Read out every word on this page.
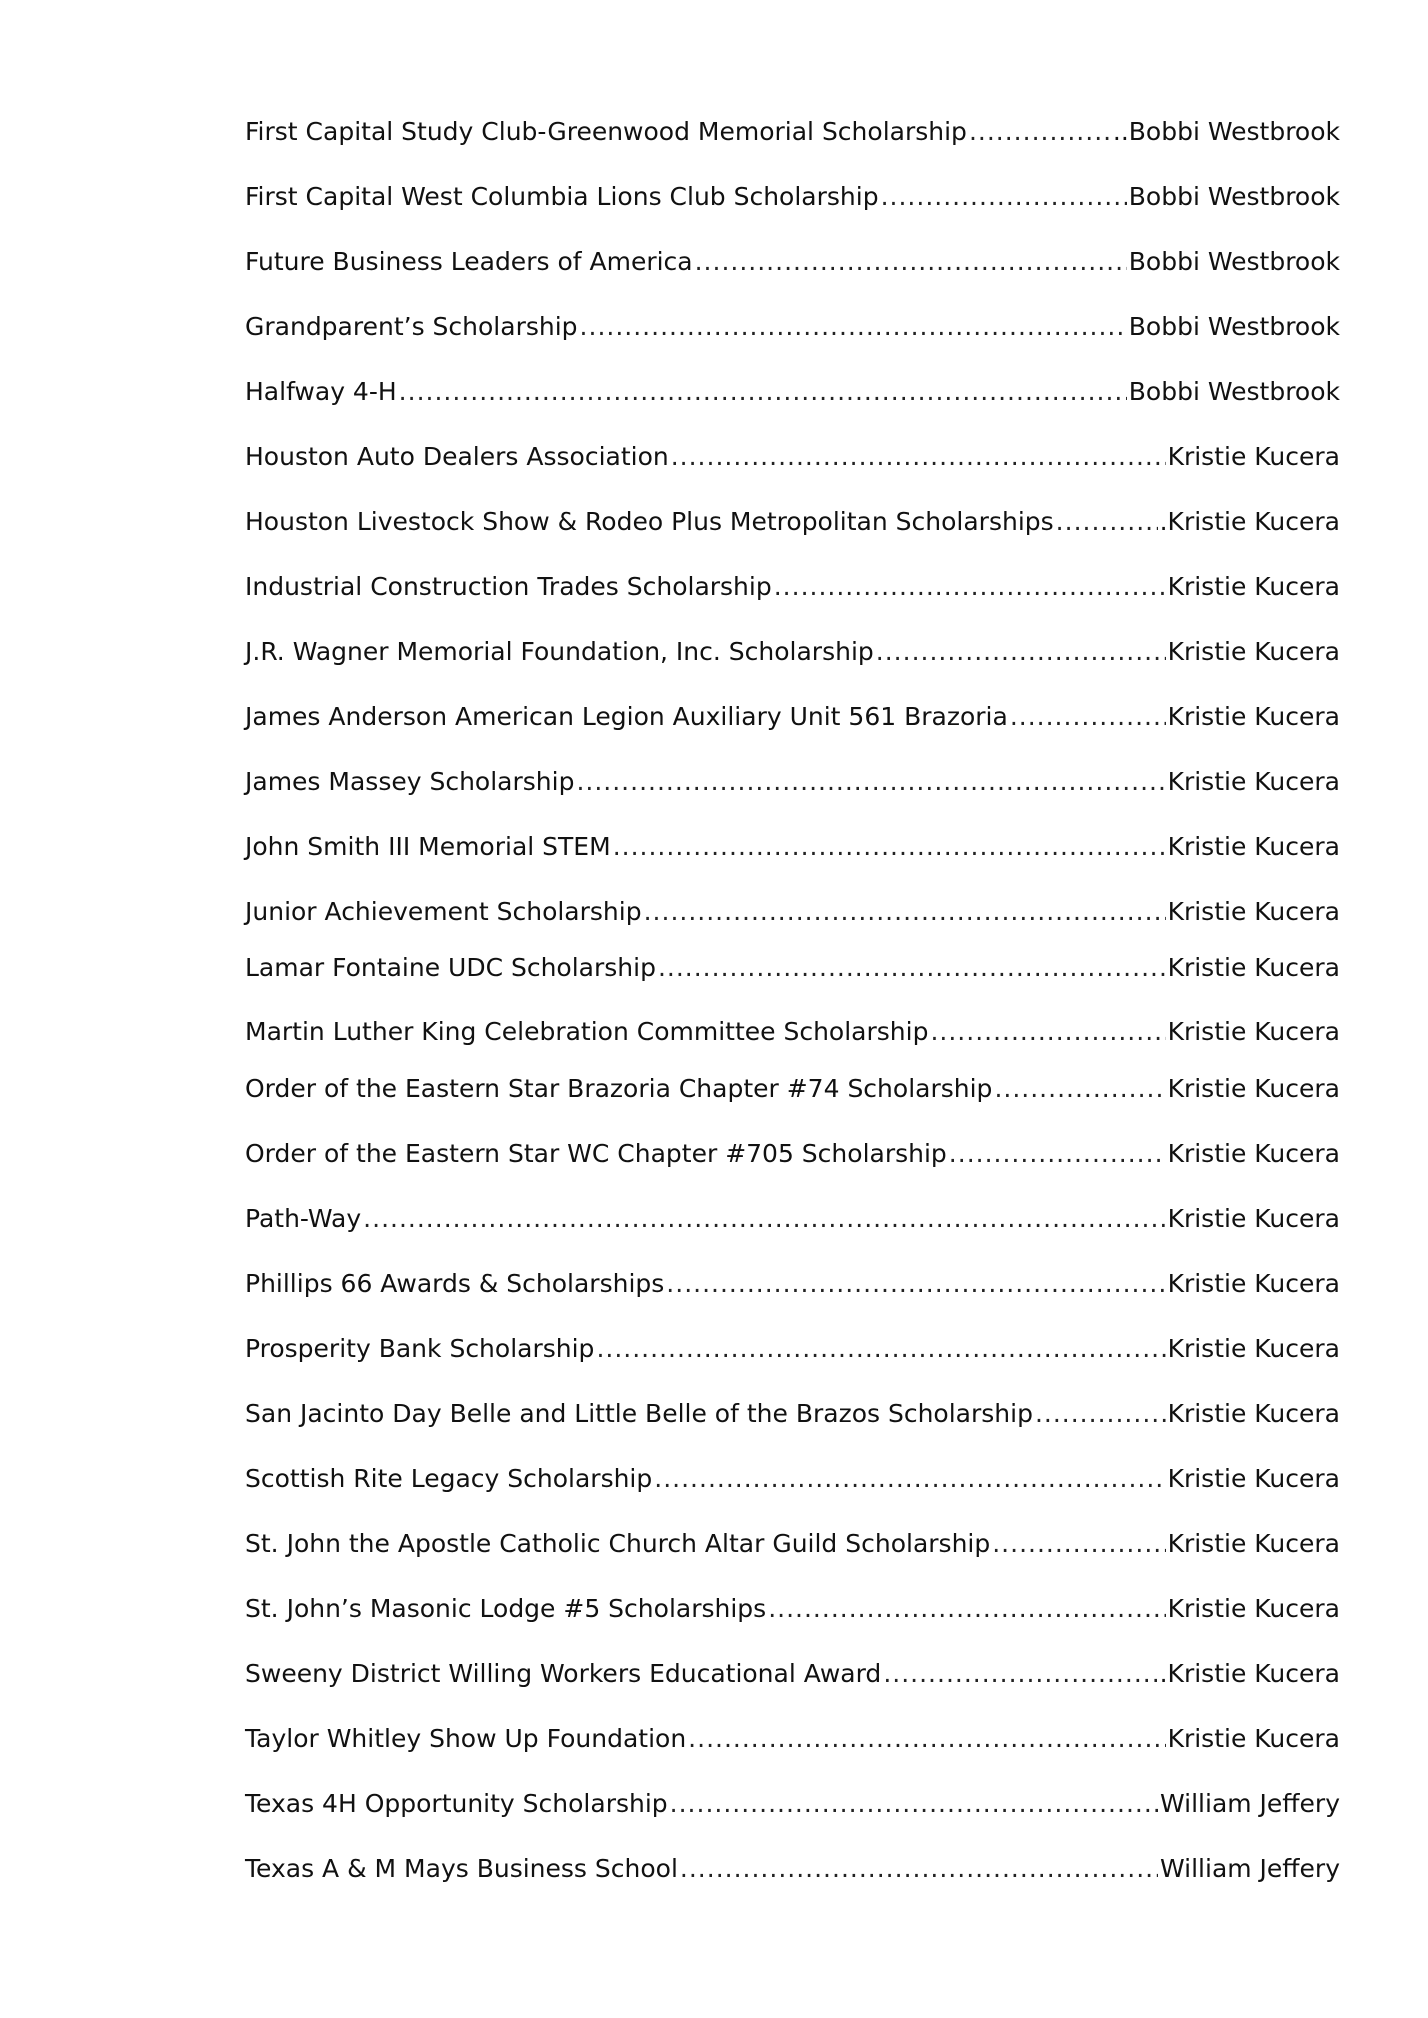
First Capital Study Club-Greenwood Memorial Scholarship .....	..Bobbi Westbrook
First Capital West Columbia Lions Club Scholarship .....	Bobbi Westbrook
Future Business Leaders of America .....	Bobbi Westbrook
Grandparent’s Scholarship .....	Bobbi Westbrook
Halfway 4-H .....	Bobbi Westbrook
Houston Auto Dealers Association .....	Kristie Kucera
Houston Livestock Show & Rodeo Plus Metropolitan Scholarships .....	.Kristie Kucera
Industrial Construction Trades Scholarship .....	Kristie Kucera
J.R. Wagner Memorial Foundation, Inc. Scholarship .....	Kristie Kucera
James Anderson American Legion Auxiliary Unit 561 Brazoria .....	Kristie Kucera
James Massey Scholarship .....	Kristie Kucera
John Smith III Memorial STEM .....	Kristie Kucera
Junior Achievement Scholarship .....	Kristie Kucera
Lamar Fontaine UDC Scholarship .....	Kristie Kucera
Martin Luther King Celebration Committee Scholarship .....	Kristie Kucera
Order of the Eastern Star Brazoria Chapter #74 Scholarship .....	Kristie Kucera
Order of the Eastern Star WC Chapter #705 Scholarship .....	Kristie Kucera
Path-Way .....	Kristie Kucera
Phillips 66 Awards & Scholarships .....	Kristie Kucera
Prosperity Bank Scholarship .....	Kristie Kucera
San Jacinto Day Belle and Little Belle of the Brazos Scholarship .....	Kristie Kucera
Scottish Rite Legacy Scholarship .....	Kristie Kucera
St. John the Apostle Catholic Church Altar Guild Scholarship .....	Kristie Kucera
St. John’s Masonic Lodge #5 Scholarships .....	Kristie Kucera
Sweeny District Willing Workers Educational Award .....	.Kristie Kucera
Taylor Whitley Show Up Foundation .....	Kristie Kucera
Texas 4H Opportunity Scholarship .....	William Jeffery
Texas A & M Mays Business School .....	William Jeffery
